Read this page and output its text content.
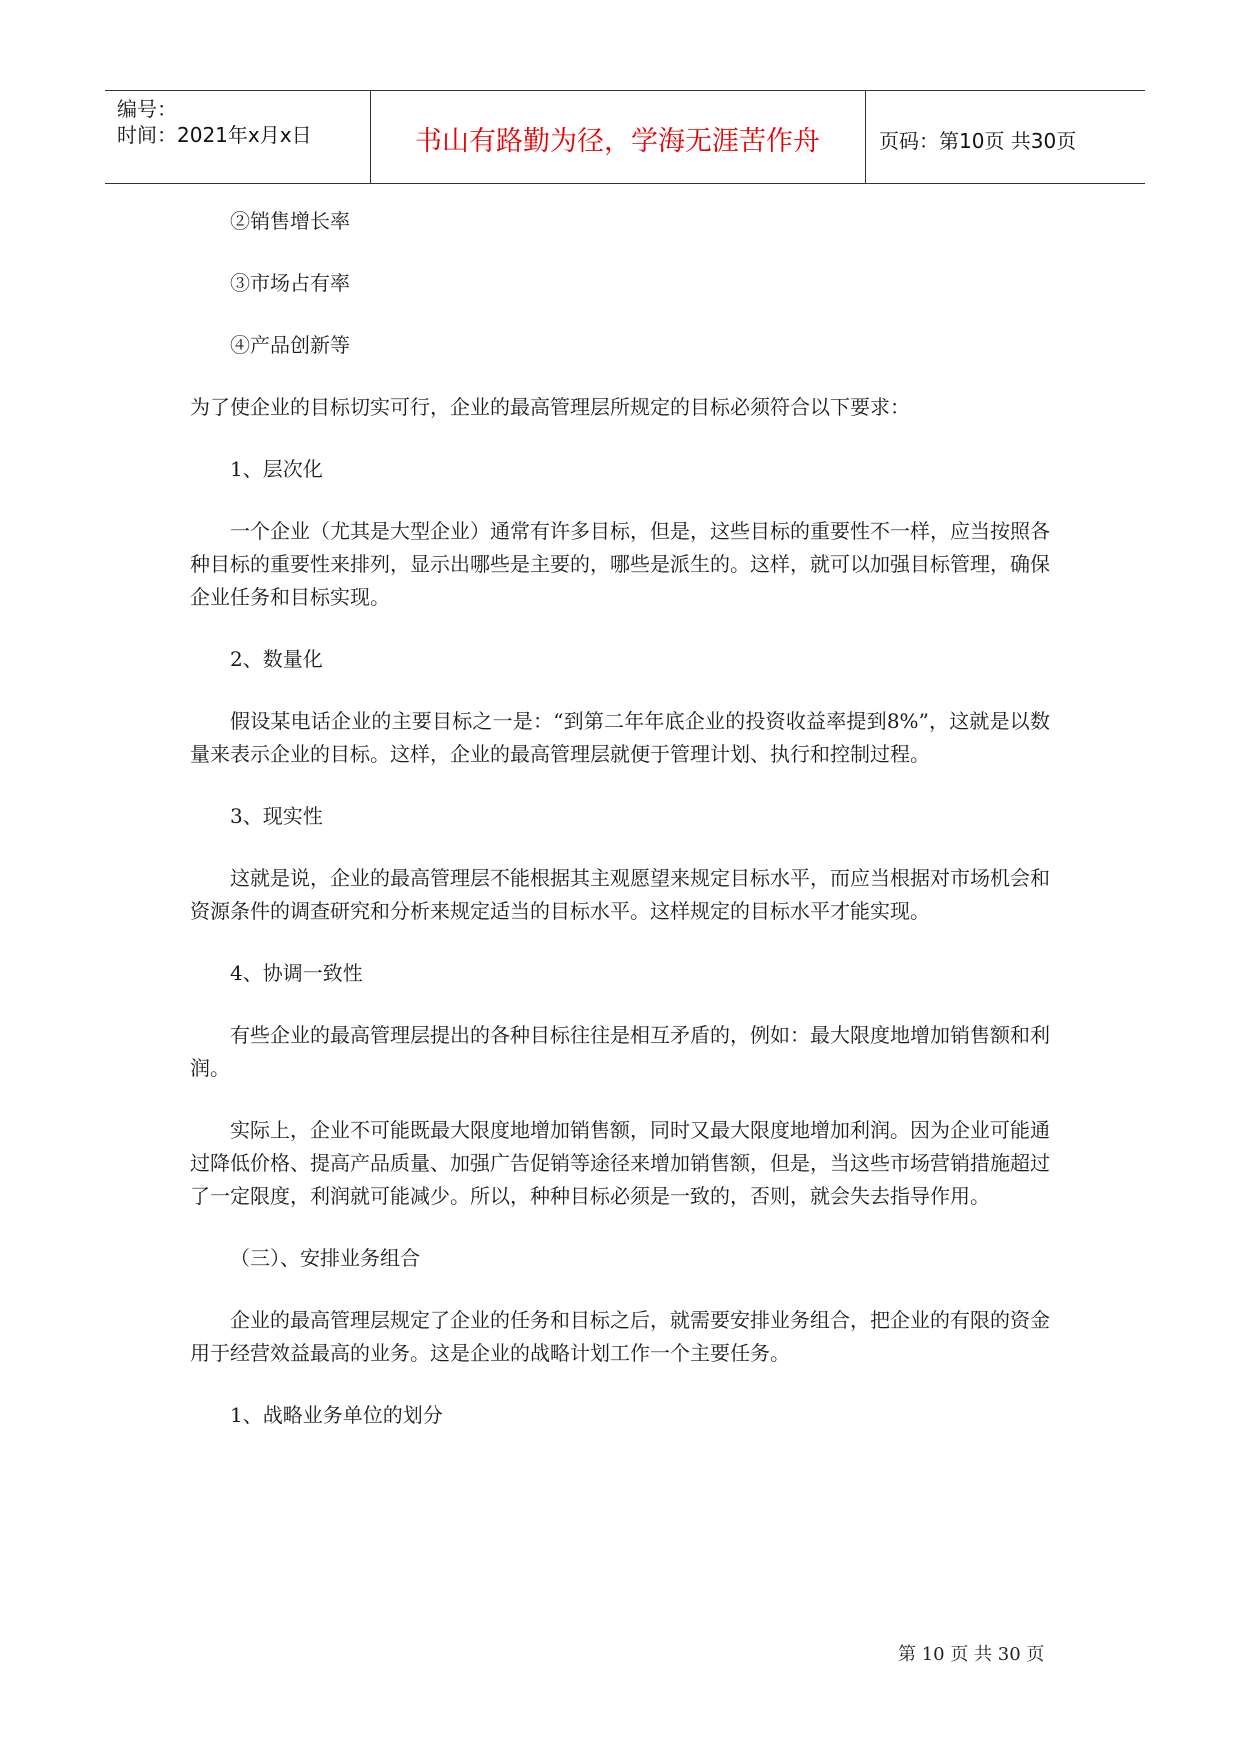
编号：
时间：2021年x月x日	书山有路勤为径，学海无涯苦作舟	页码：第10页 共30页

②销售增长率

③市场占有率

④产品创新等

为了使企业的目标切实可行，企业的最高管理层所规定的目标必须符合以下要求：

1、层次化

一个企业（尤其是大型企业）通常有许多目标，但是，这些目标的重要性不一样，应当按照各种目标的重要性来排列，显示出哪些是主要的，哪些是派生的。这样，就可以加强目标管理，确保企业任务和目标实现。

2、数量化

假设某电话企业的主要目标之一是：“到第二年年底企业的投资收益率提到8%”，这就是以数量来表示企业的目标。这样，企业的最高管理层就便于管理计划、执行和控制过程。

3、现实性

这就是说，企业的最高管理层不能根据其主观愿望来规定目标水平，而应当根据对市场机会和资源条件的调查研究和分析来规定适当的目标水平。这样规定的目标水平才能实现。

4、协调一致性

有些企业的最高管理层提出的各种目标往往是相互矛盾的，例如：最大限度地增加销售额和利润。

实际上，企业不可能既最大限度地增加销售额，同时又最大限度地增加利润。因为企业可能通过降低价格、提高产品质量、加强广告促销等途径来增加销售额，但是，当这些市场营销措施超过了一定限度，利润就可能减少。所以，种种目标必须是一致的，否则，就会失去指导作用。

（三）、安排业务组合

企业的最高管理层规定了企业的任务和目标之后，就需要安排业务组合，把企业的有限的资金用于经营效益最高的业务。这是企业的战略计划工作一个主要任务。

1、战略业务单位的划分

第 10 页 共 30 页
